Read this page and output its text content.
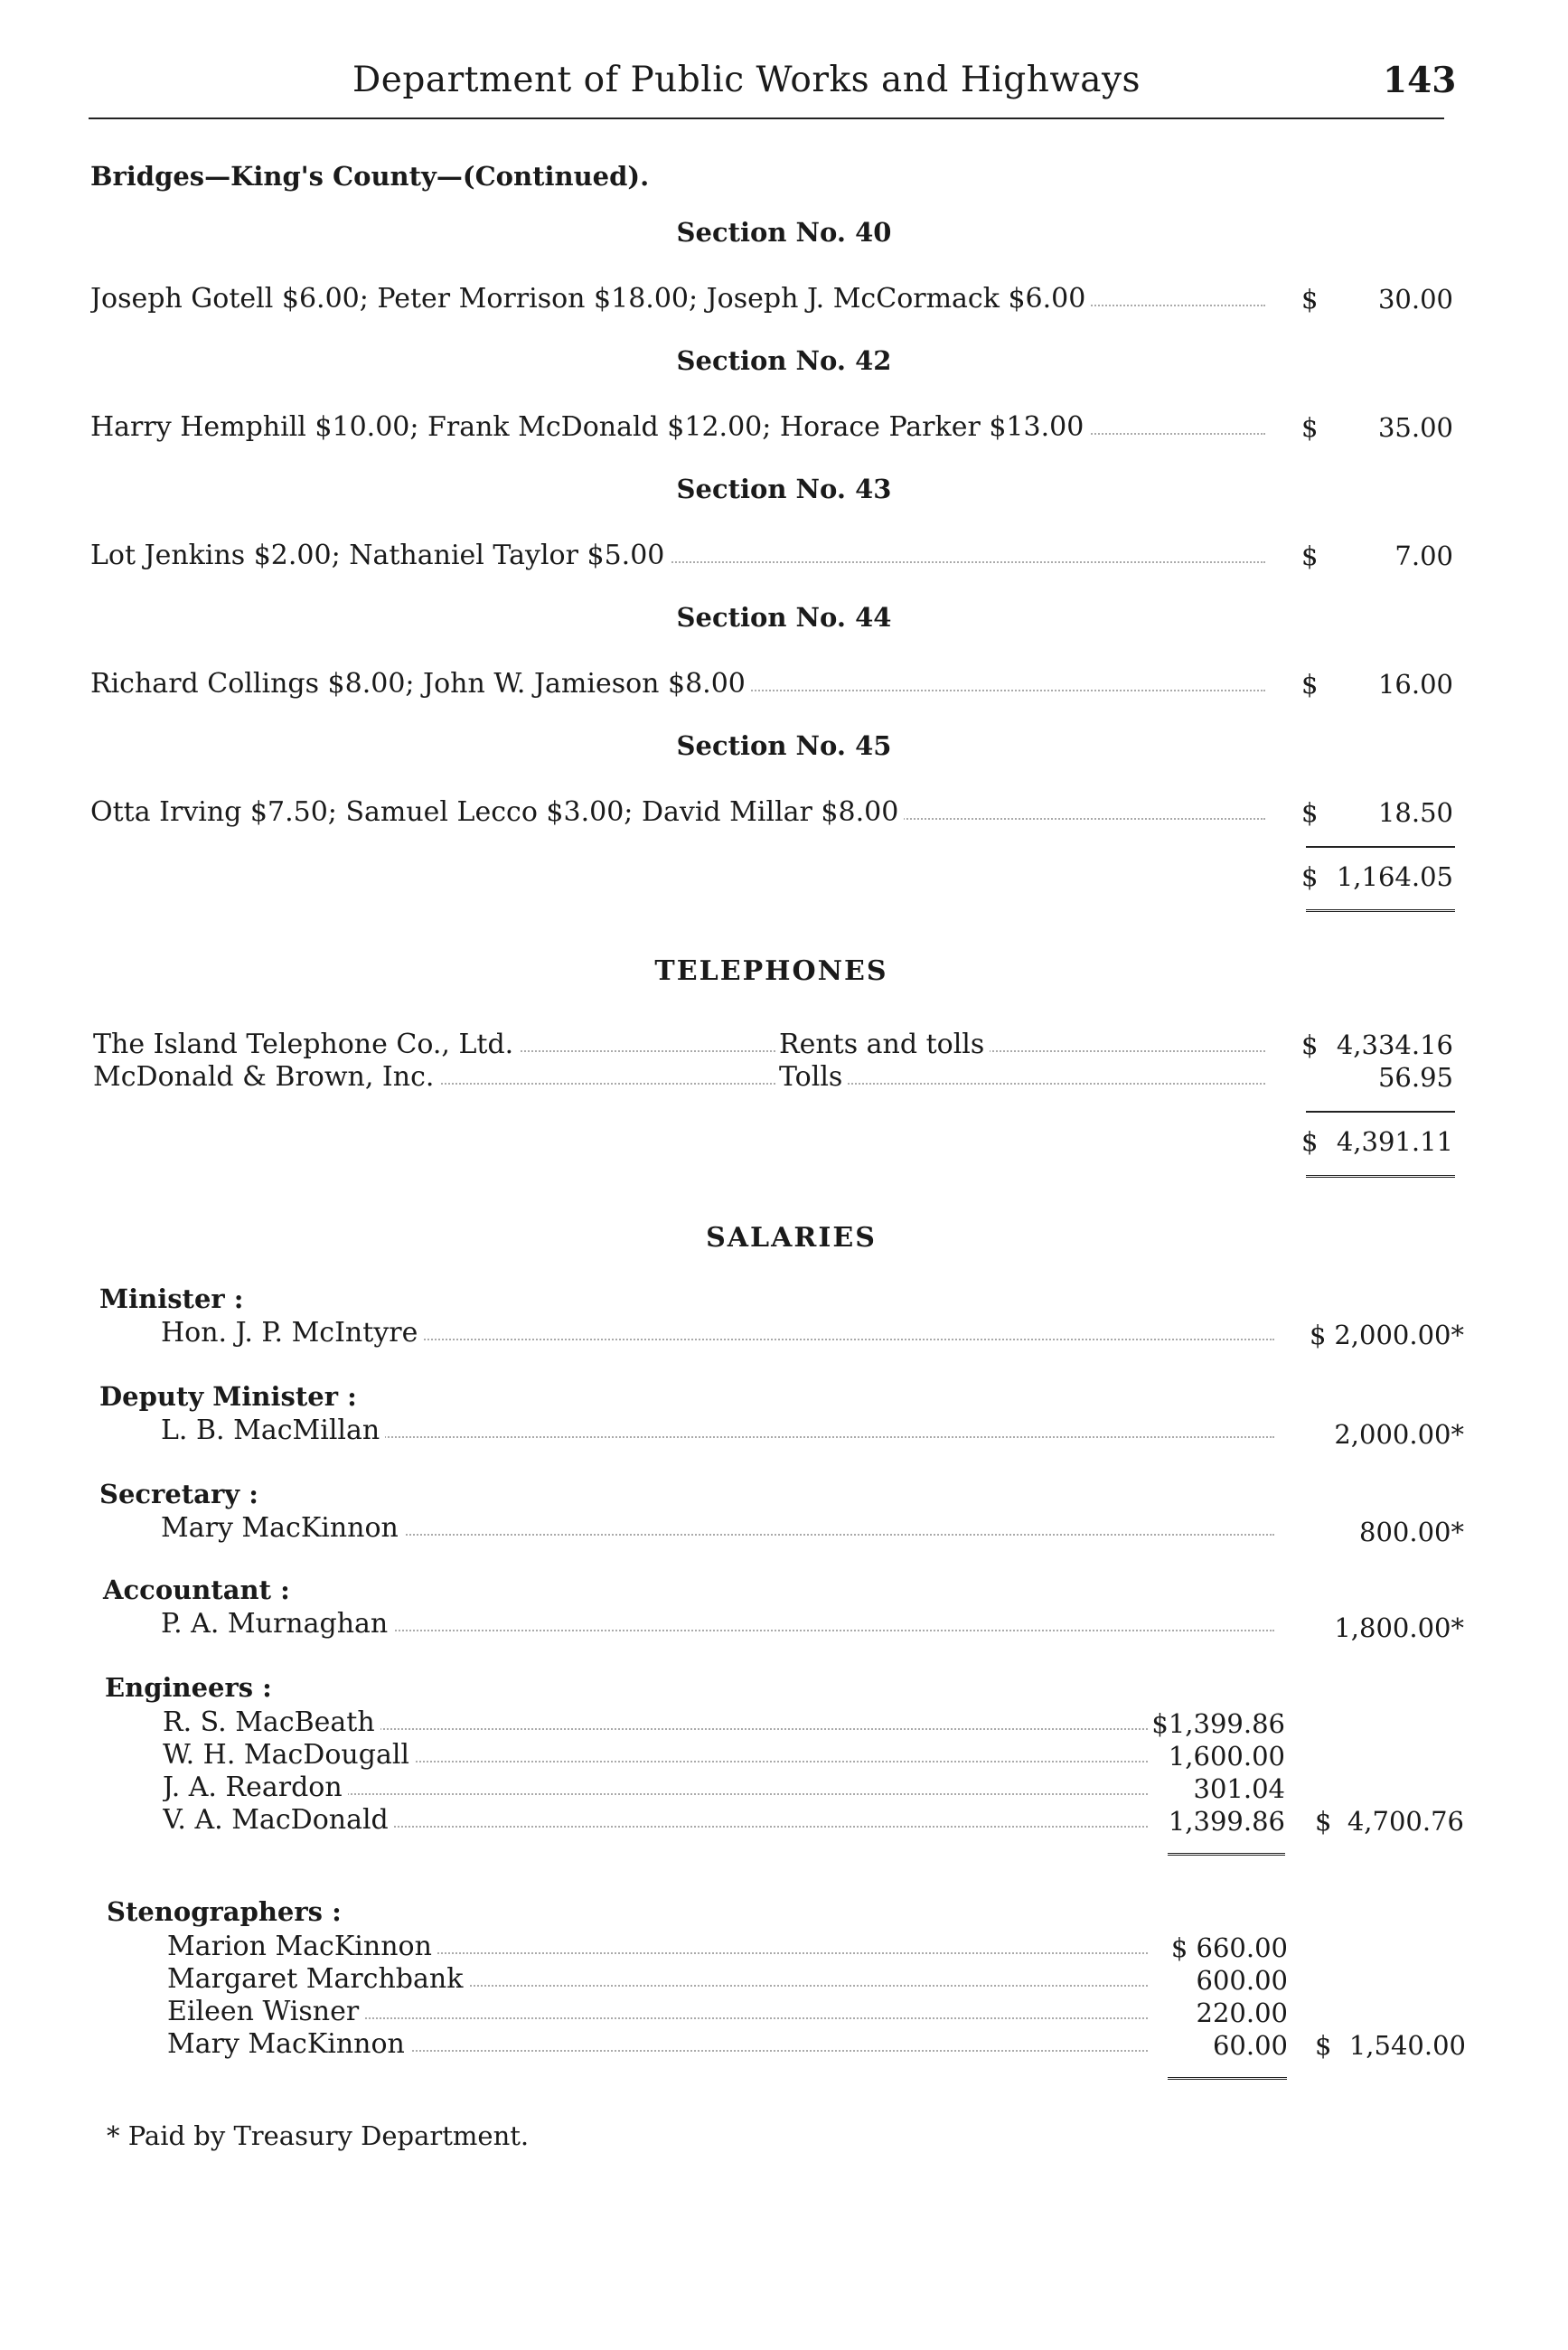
Department of Public Works and Highways	143
Bridges—King's County—(Continued).
Section No. 40
Joseph Gotell $6.00; Peter Morrison $18.00; Joseph J. McCormack $6.00	$ 30.00
Section No. 42
Harry Hemphill $10.00; Frank McDonald $12.00; Horace Parker $13.00	$ 35.00
Section No. 43
Lot Jenkins $2.00; Nathaniel Taylor $5.00	$	7.00
Section No. 44
Richard Collings $8.00; John W. Jamieson $8.00	$ 16.00
Section No. 45
Otta Irving $7.50; Samuel Lecco $3.00; David Millar $8.00	$ 18.50
$ 1,164.05
TELEPHONES
The Island Telephone Co., Ltd.	Rents and tolls	$ 4,334.16
McDonald & Brown, Inc.	Tolls	56.95
$ 4,391.11
SALARIES
Minister :
Hon. J. P. McIntyre	$ 2,000.00*
Deputy Minister :
L. B. MacMillan	2,000.00*
Secretary :
Mary MacKinnon	800.00*
Accountant :
P. A. Murnaghan	1,800.00*
Engineers :
R. S. MacBeath	$1,399.86
W. H. MacDougall	1,600.00
J. A. Reardon	301.04
V. A. MacDonald	1,399.86 $ 4,700.76
Stenographers :
Marion MacKinnon	$ 660.00
Margaret Marchbank	600.00
Eileen Wisner	220.00
Mary MacKinnon	60.00 $ 1,540.00
* Paid by Treasury Department.
